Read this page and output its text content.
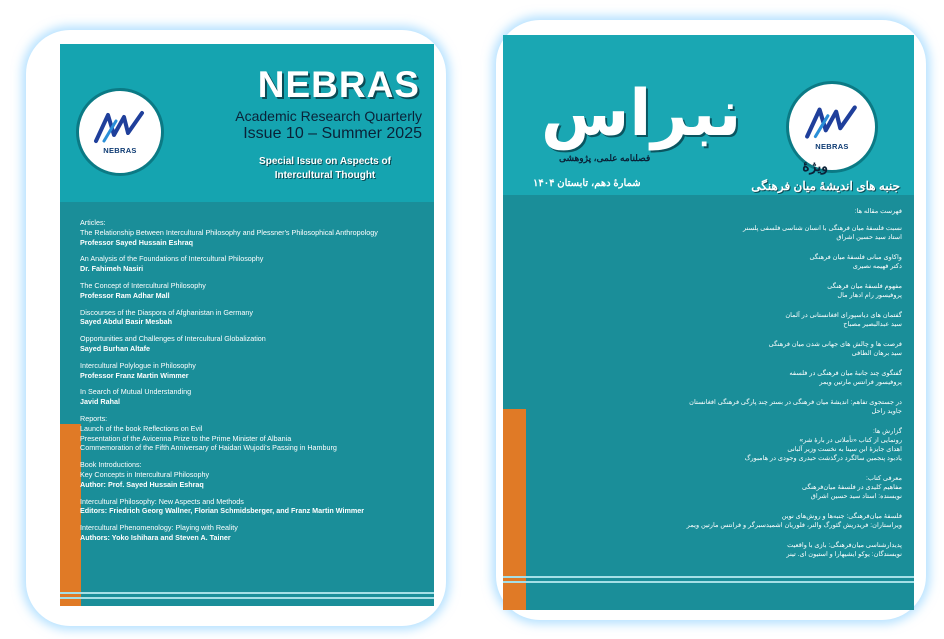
NEBRAS
NEBRAS
Academic Research Quarterly
Issue 10 – Summer 2025
Special Issue on Aspects of Intercultural Thought
Articles:
The Relationship Between Intercultural Philosophy and Plessner's Philosophical Anthropology
Professor Sayed Hussain Eshraq
An Analysis of the Foundations of Intercultural Philosophy
Dr. Fahimeh Nasiri
The Concept of Intercultural Philosophy
Professor Ram Adhar Mall
Discourses of the Diaspora of Afghanistan in Germany
Sayed Abdul Basir Mesbah
Opportunities and Challenges of Intercultural Globalization
Sayed Burhan Altafe
Intercultural Polylogue in Philosophy
Professor Franz Martin Wimmer
In Search of Mutual Understanding
Javid Rahal
Reports:
Launch of the book Reflections on Evil
Presentation of the Avicenna Prize to the Prime Minister of Albania
Commemoration of the Fifth Anniversary of Haidari Wujodi's Passing in Hamburg
Book Introductions:
Key Concepts in Intercultural Philosophy
Author: Prof. Sayed Hussain Eshraq
Intercultural Philosophy: New Aspects and Methods
Editors: Friedrich Georg Wallner, Florian Schmidsberger, and Franz Martin Wimmer
Intercultural Phenomenology: Playing with Reality
Authors: Yoko Ishihara and Steven A. Tainer
NEBRAS
نبراس
فصلنامه علمی، پژوهشی
شمارهٔ دهم، تابستان ۱۴۰۴
ویژهٔ
جنبه‌ های اندیشهٔ میان فرهنگی
فهرست مقاله ها:
نسبت فلسفهٔ میان فرهنگی با انسان شناسی فلسفی پلسنر
استاد سید حسین اشراق
واکاوی مبانی فلسفهٔ میان فرهنگی
دکتر فهیمه نصیری
مفهوم فلسفهٔ میان فرهنگی
پروفیسور رام ادهار مال
گفتمان های دیاسپورای افغانستانی در آلمان
سید عبدالبصیر مصباح
فرصت ها و چالش های جهانی شدن میان فرهنگی
سید برهان الطافی
گفتگوی چند جانبهٔ میان فرهنگی در فلسفه
پروفیسور فرانتس مارتین ویمر
در جستجوی تفاهم: اندیشهٔ میان فرهنگی در بستر چند پارگی فرهنگی افغانستان
جاوید راحل
گزارش ها:
رونمایی از کتاب «تأملاتی در بارهٔ شر»
اهدای جایزهٔ ابن سینا به نخست وزیر آلبانی
یادبود پنجمین سالگرد درگذشت حیدری وجودی در هامبورگ
معرفی کتاب:
مفاهیم کلیدی در فلسفهٔ میان‌فرهنگی
نویسنده: استاد سید حسین اشراق
فلسفهٔ میان‌فرهنگی: جنبه‌ها و روش‌های نوین
ویراستاران: فریدریش گئورگ والنر، فلوریان اشمیدسبرگر و فرانتس مارتین ویمر
پدیدارشناسی میان‌فرهنگی: بازی با واقعیت
نویسندگان: یوکو ایشیهارا و استیون ای. تینر
